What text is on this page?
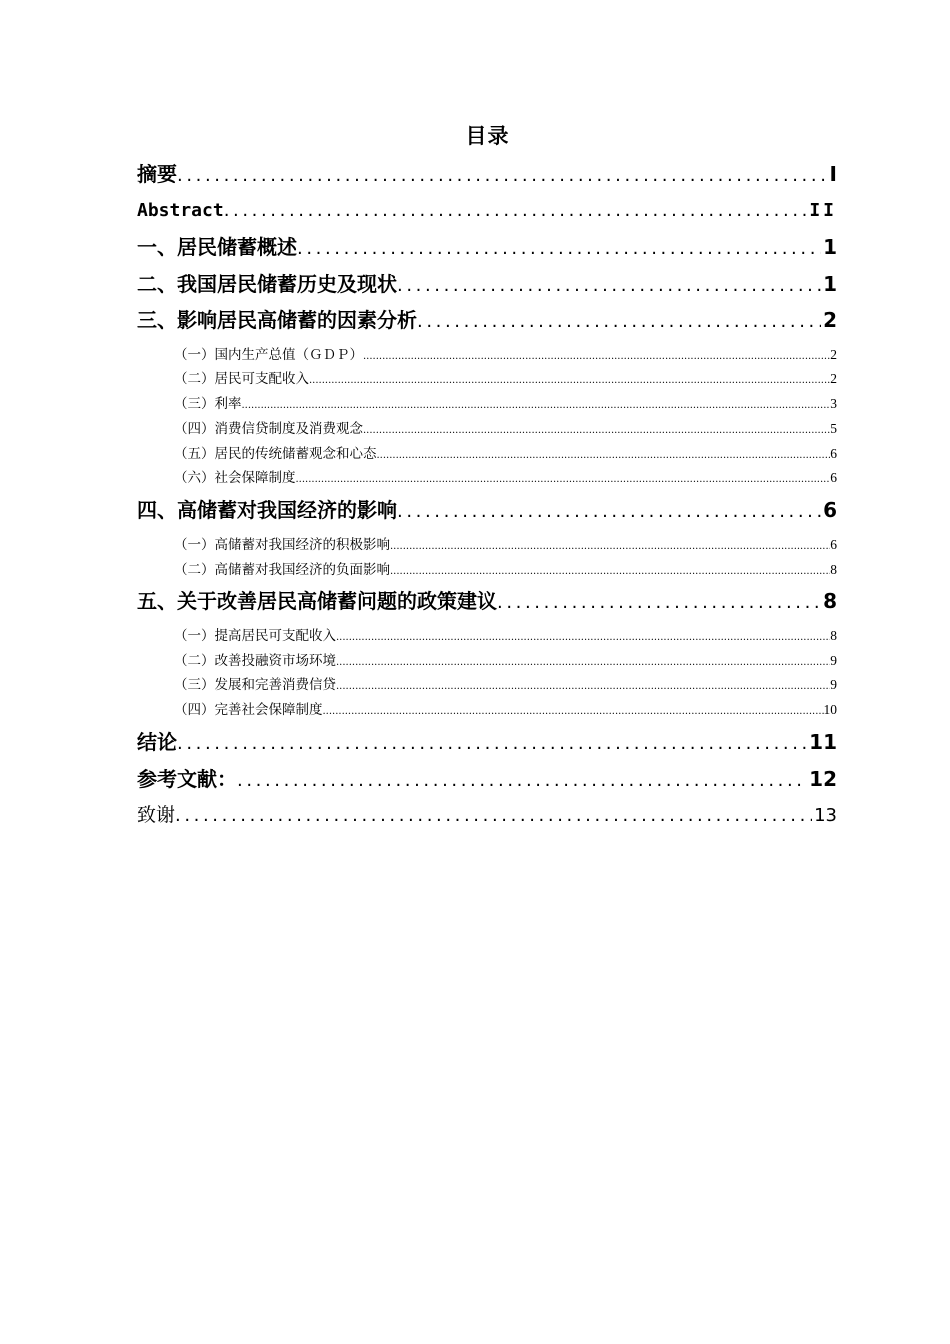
目录
摘要 .....	I
Abstract .....	II
一、居民储蓄概述 .....	1
二、我国居民储蓄历史及现状 .....	1
三、影响居民高储蓄的因素分析 .....	2
（一）国内生产总值（ＧＤＰ） .....	2
（二）居民可支配收入 .....	2
（三）利率 .....	3
（四）消费信贷制度及消费观念 .....	5
（五）居民的传统储蓄观念和心态 .....	6
（六）社会保障制度 .....	6
四、高储蓄对我国经济的影响 .....	6
（一）高储蓄对我国经济的积极影响 .....	6
（二）高储蓄对我国经济的负面影响 .....	8
五、关于改善居民高储蓄问题的政策建议 .....	8
（一）提高居民可支配收入 .....	8
（二）改善投融资市场环境 .....	9
（三）发展和完善消费信贷 .....	9
（四）完善社会保障制度 .....	10
结论 .....	11
参考文献： .....	12
致谢 .....	13
